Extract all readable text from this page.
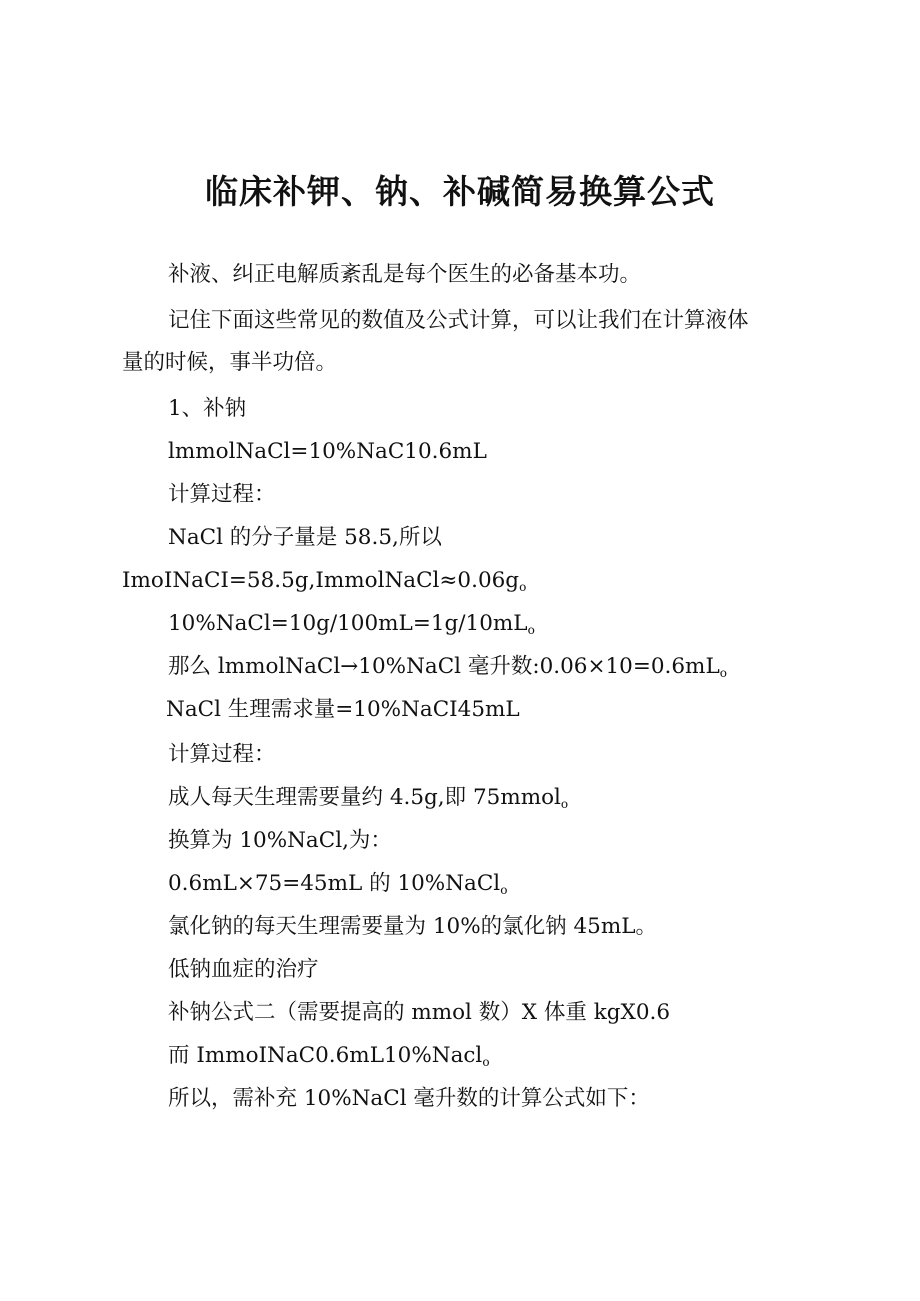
临床补钾、钠、补碱简易换算公式

补液、纠正电解质紊乱是每个医生的必备基本功。

记住下面这些常见的数值及公式计算，可以让我们在计算液体

量的时候，事半功倍。

1、补钠

lmmolNaCl=10%NaC10.6mL

计算过程：

NaCl 的分子量是 58.5,所以

ImoINaCI=58.5g,ImmolNaCl≈0.06go

10%NaCl=10g/100mL=1g/10mLo

那么 lmmolNaCl→10%NaCl 毫升数:0.06×10=0.6mLo

NaCl 生理需求量=10%NaCI45mL

计算过程：

成人每天生理需要量约 4.5g,即 75mmolo

换算为 10%NaCl,为：

0.6mL×75=45mL 的 10%NaClo

氯化钠的每天生理需要量为 10%的氯化钠 45mL。

低钠血症的治疗

补钠公式二（需要提高的 mmol 数）X 体重 kgX0.6

而 ImmoINaC0.6mL10%Naclo

所以，需补充 10%NaCl 毫升数的计算公式如下：
